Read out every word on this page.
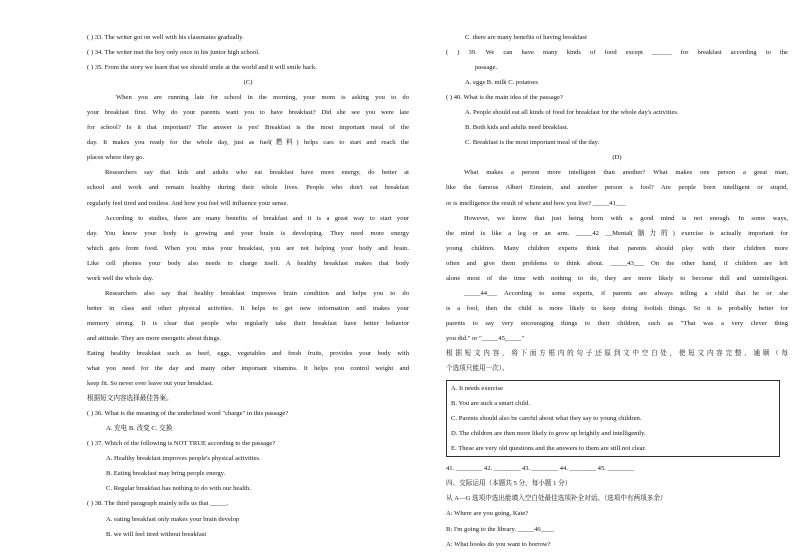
( ) 33. The writer got on well with his classmates gradually.
( ) 34. The writer met the boy only once in his junior high school.
( ) 35. From the story we learn that we should smile at the world and it will smile back.
(C)
When you are running late for school in the morning, your mom is asking you to do
your breakfast first. Why do your parents want you to have breakfast? Did she see you were late
for school? Is it that important? The answer is yes! Breakfast is the most important meal of the
day. It makes you ready for the whole day, just as fuel(燃料) helps cars to start and reach the
places where they go.
Researchers say that kids and adults who eat breakfast have more energy, do better at
school and work and remain healthy during their whole lives. People who don't eat breakfast
regularly feel tired and restless. And how you feel will influence your sense.
According to studies, there are many benefits of breakfast and it is a great way to start your
day. You know your body is growing and your brain is developing. They need more energy
which gets from food. When you miss your breakfast, you are not helping your body and brain.
Like cell phones your body also needs to charge itself. A healthy breakfast makes that body
work well the whole day.
Researchers also say that healthy breakfast improves brain condition and helps you to do
better in class and other physical activities. It helps to get new information and makes your
memory strong. It is clear that people who regularly take their breakfast have better behavior
and attitude. They are more energetic about things.
Eating healthy breakfast such as beef, eggs, vegetables and fresh fruits, provides your body with
what you need for the day and many other important vitamins. It helps you control weight and
keep fit. So never ever leave out your breakfast.
根据短文内容选择最佳答案。
( ) 36. What is the meaning of the underlined word "charge" in this passage?
A. 充电 B. 改变 C. 交换
( ) 37. Which of the following is NOT TRUE according to the passage?
A. Healthy breakfast improves people's physical activities.
B. Eating breakfast may bring people energy.
C. Regular breakfast has nothing to do with our health.
( ) 38. The third paragraph mainly tells us that _____.
A. eating breakfast only makes your brain develop
B. we will feel tired without breakfast
C. there are many benefits of having breakfast
( ) 39. We can have many kinds of food except ______ for breakfast according to the
passage.
A. eggs B. milk C. potatoes
( ) 40. What is the main idea of the passage?
A. People should eat all kinds of food for breakfast for the whole day's activities.
B. Both kids and adults need breakfast.
C. Breakfast is the most important meal of the day.
(D)
What makes a person more intelligent than another? What makes one person a great man,
like the famous Albert Einstein, and another person a fool? Are people born intelligent or stupid,
or is intelligence the result of where and how you live? _____41___
However, we know that just being born with a good mind is not enough. In some ways,
the mind is like a leg or an arm. _____42 __Mental(脑力的) exercise is actually important for
young children. Many children experts think that parents should play with their children more
often and give them problems to think about. _____43___ On the other hand, if children are left
alone most of the time with nothing to do, they are more likely to become dull and unintelligent.
_____44___ According to some experts, if parents are always telling a child that he or she
is a fool, then the child is more likely to keep doing foolish things. So it is probably better for
parents to say very encouraging things to their children, such as "That was a very clever thing
you did." or "_____45_____"
根据短文内容，将下面方框内的句子还原到文中空白处，使短文内容完整、通顺（每
个选项只能用一次）。
A. It needs exercise
B. You are such a smart child.
C. Parents should also be careful about what they say to young children.
D. The children are then more likely to grow up brightly and intelligently.
E. These are very old questions and the answers to them are still not clear.
41. ________ 42. ________ 43. ________ 44. ________ 45. ________
四、交际运用（本题共 5 分，每小题 1 分）
从 A—G 选项中选出能填入空白处最佳选项补全对话。（选项中有两项多余）
A: Where are you going, Kate?
B: I'm going to the library. _____46____
A: What books do you want to borrow?
